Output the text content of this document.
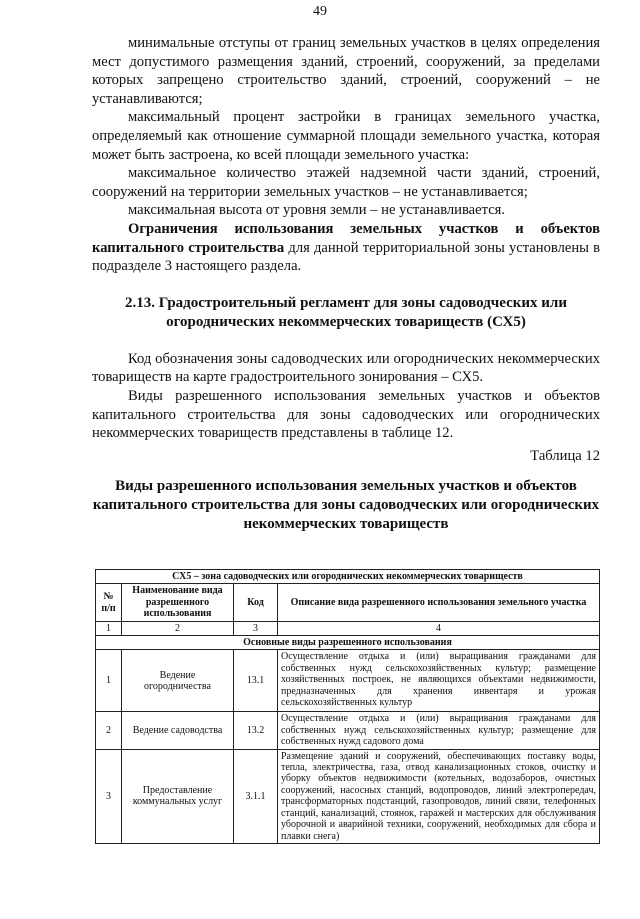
49

минимальные отступы от границ земельных участков в целях определения мест допустимого размещения зданий, строений, сооружений, за пределами которых запрещено строительство зданий, строений, сооружений – не устанавливаются;

максимальный процент застройки в границах земельного участка, определяемый как отношение суммарной площади земельного участка, которая может быть застроена, ко всей площади земельного участка:

максимальное количество этажей надземной части зданий, строений, сооружений на территории земельных участков – не устанавливается;

максимальная высота от уровня земли – не устанавливается.

Ограничения использования земельных участков и объектов капитального строительства для данной территориальной зоны установлены в подразделе 3 настоящего раздела.

2.13. Градостроительный регламент для зоны садоводческих или огороднических некоммерческих товариществ (СХ5)

Код обозначения зоны садоводческих или огороднических некоммерческих товариществ на карте градостроительного зонирования – СХ5.

Виды разрешенного использования земельных участков и объектов капитального строительства для зоны садоводческих или огороднических некоммерческих товариществ представлены в таблице 12.

Таблица 12

Виды разрешенного использования земельных участков и объектов капитального строительства для зоны садоводческих или огороднических некоммерческих товариществ

СХ5 – зона садоводческих или огороднических некоммерческих товариществ			
№ п/п	Наименование вида разрешенного использования	Код	Описание вида разрешенного использования земельного участка
1	2	3	4
Основные виды разрешенного использования			
1	Ведение огородничества	13.1	Осуществление отдыха и (или) выращивания гражданами для собственных нужд сельскохозяйственных культур; размещение хозяйственных построек, не являющихся объектами недвижимости, предназначенных для хранения инвентаря и урожая сельскохозяйственных культур
2	Ведение садоводства	13.2	Осуществление отдыха и (или) выращивания гражданами для собственных нужд сельскохозяйственных культур; размещение для собственных нужд садового дома
3	Предоставление коммунальных услуг	3.1.1	Размещение зданий и сооружений, обеспечивающих поставку воды, тепла, электричества, газа, отвод канализационных стоков, очистку и уборку объектов недвижимости (котельных, водозаборов, очистных сооружений, насосных станций, водопроводов, линий электропередач, трансформаторных подстанций, газопроводов, линий связи, телефонных станций, канализаций, стоянок, гаражей и мастерских для обслуживания уборочной и аварийной техники, сооружений, необходимых для сбора и плавки снега)
